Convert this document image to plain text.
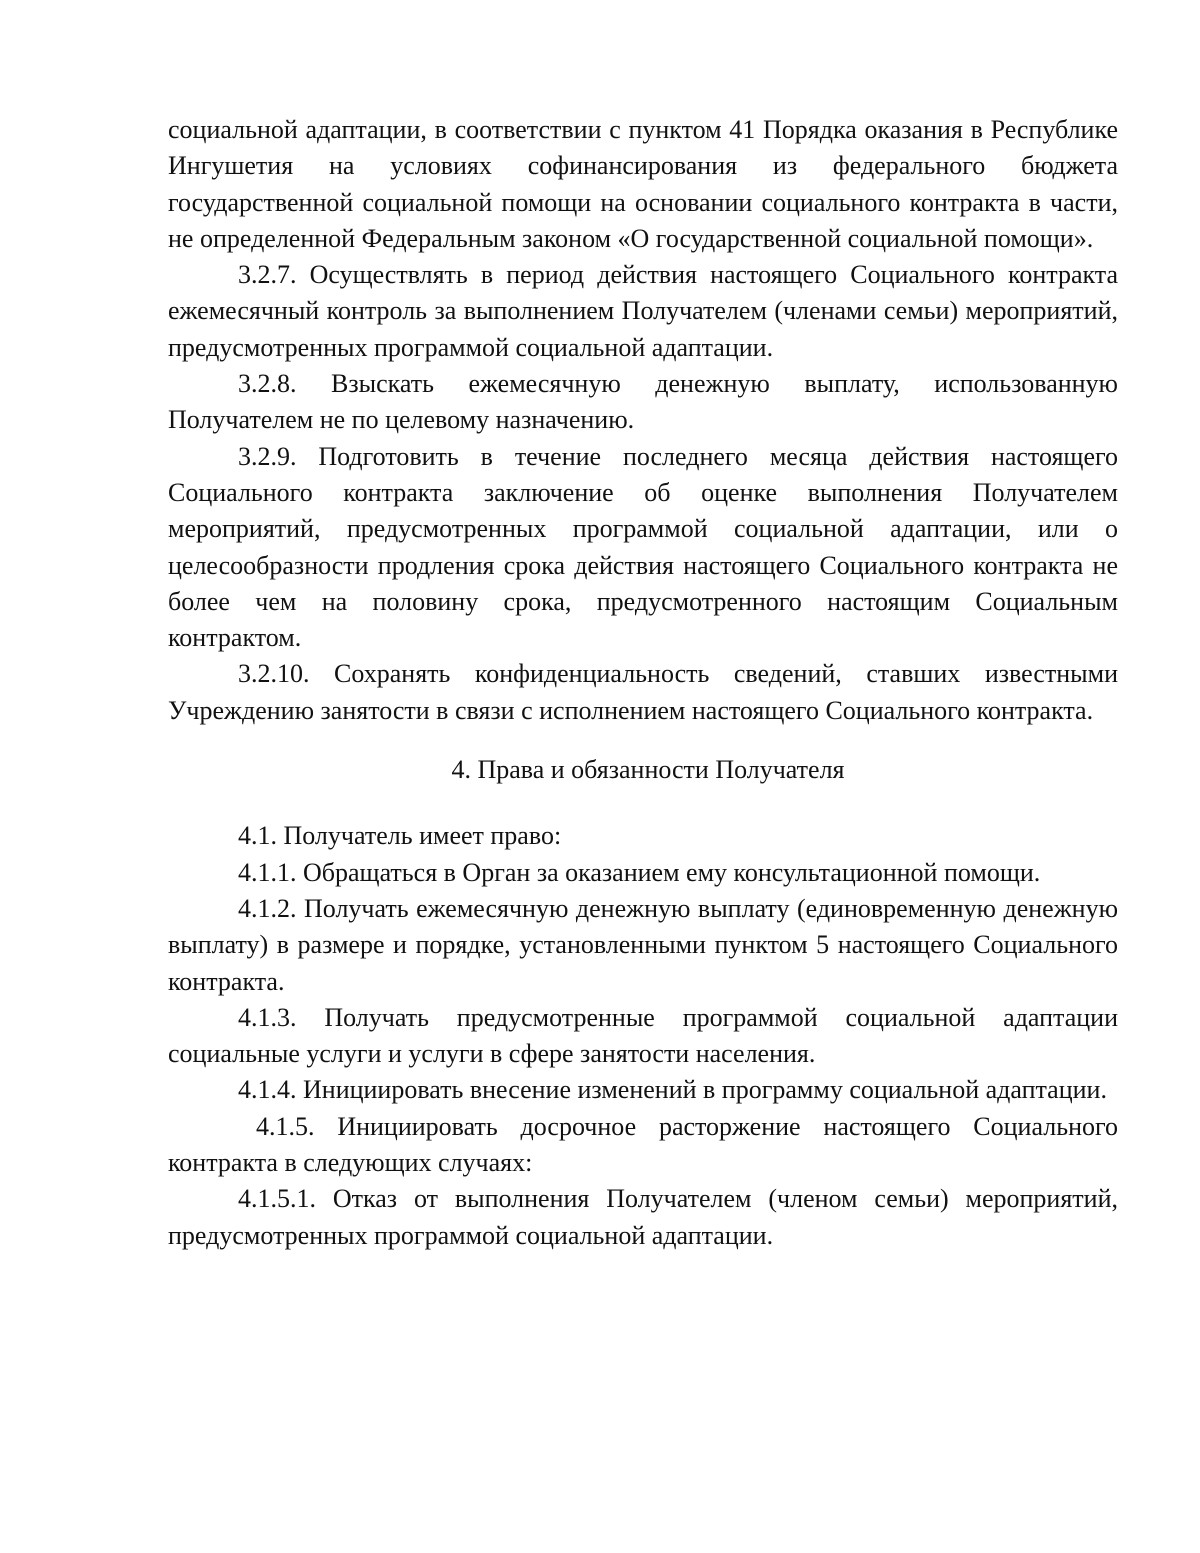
социальной адаптации, в соответствии с пунктом 41 Порядка оказания в Республике Ингушетия на условиях софинансирования из федерального бюджета государственной социальной помощи на основании социального контракта в части, не определенной Федеральным законом «О государственной социальной помощи».

3.2.7. Осуществлять в период действия настоящего Социального контракта ежемесячный контроль за выполнением Получателем (членами семьи) мероприятий, предусмотренных программой социальной адаптации.

3.2.8. Взыскать ежемесячную денежную выплату, использованную Получателем не по целевому назначению.

3.2.9. Подготовить в течение последнего месяца действия настоящего Социального контракта заключение об оценке выполнения Получателем мероприятий, предусмотренных программой социальной адаптации, или о целесообразности продления срока действия настоящего Социального контракта не более чем на половину срока, предусмотренного настоящим Социальным контрактом.

3.2.10. Сохранять конфиденциальность сведений, ставших известными Учреждению занятости в связи с исполнением настоящего Социального контракта.

4. Права и обязанности Получателя

4.1. Получатель имеет право:

4.1.1. Обращаться в Орган за оказанием ему консультационной помощи.

4.1.2. Получать ежемесячную денежную выплату (единовременную денежную выплату) в размере и порядке, установленными пунктом 5 настоящего Социального контракта.

4.1.3. Получать предусмотренные программой социальной адаптации социальные услуги и услуги в сфере занятости населения.

4.1.4. Инициировать внесение изменений в программу социальной адаптации.

4.1.5. Инициировать досрочное расторжение настоящего Социального контракта в следующих случаях:

4.1.5.1. Отказ от выполнения Получателем (членом семьи) мероприятий, предусмотренных программой социальной адаптации.
